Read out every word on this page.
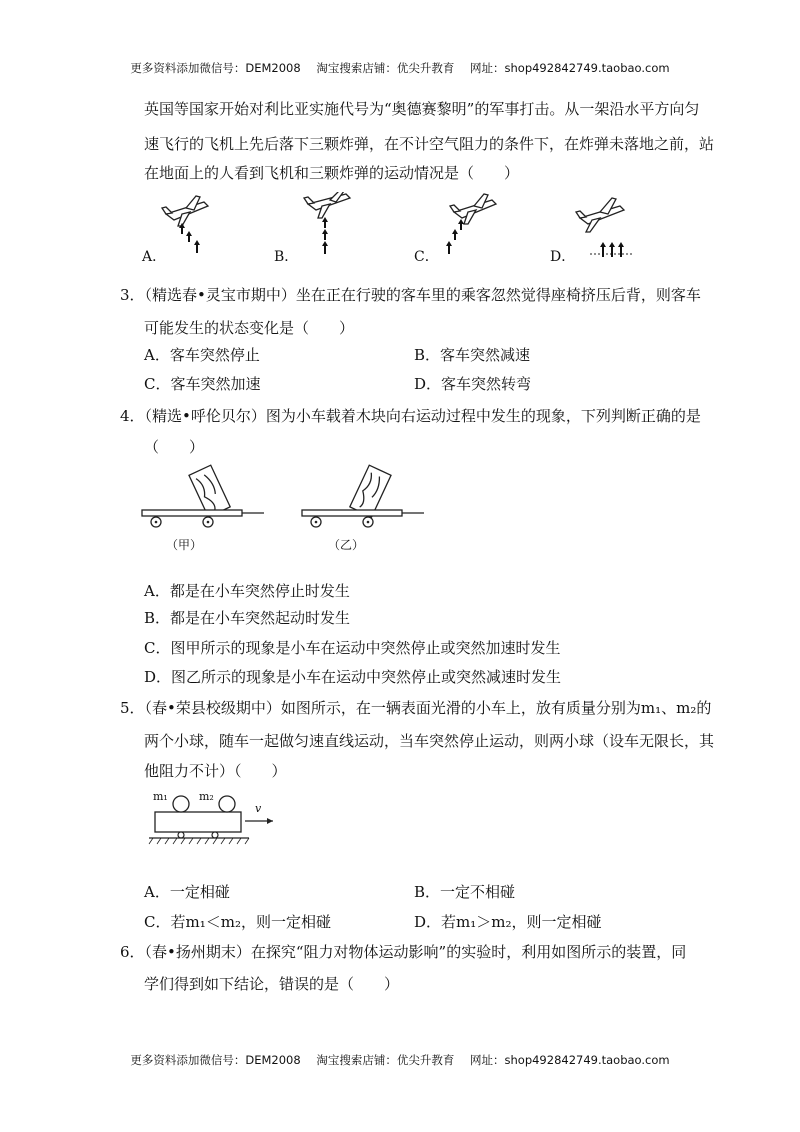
更多资料添加微信号：DEM2008 淘宝搜索店铺：优尖升教育 网址：shop492842749.taobao.com
英国等国家开始对利比亚实施代号为“奥德赛黎明”的军事打击。从一架沿水平方向匀
速飞行的飞机上先后落下三颗炸弹，在不计空气阻力的条件下，在炸弹未落地之前，站
在地面上的人看到飞机和三颗炸弹的运动情况是（　　）
A．	B．	C．	D．
3．（精选春•灵宝市期中）坐在正在行驶的客车里的乘客忽然觉得座椅挤压后背，则客车
可能发生的状态变化是（　　）
A．客车突然停止	B．客车突然减速
C．客车突然加速	D．客车突然转弯
4．（精选•呼伦贝尔）图为小车载着木块向右运动过程中发生的现象，下列判断正确的是
（　　）
（甲）	（乙）
A．都是在小车突然停止时发生
B．都是在小车突然起动时发生
C．图甲所示的现象是小车在运动中突然停止或突然加速时发生
D．图乙所示的现象是小车在运动中突然停止或突然减速时发生
5．（春•荣县校级期中）如图所示，在一辆表面光滑的小车上，放有质量分别为m₁、m₂的
两个小球，随车一起做匀速直线运动，当车突然停止运动，则两小球（设车无限长，其
他阻力不计）（　　）
m₁	m₂
v
A．一定相碰	B．一定不相碰
C．若m₁＜m₂，则一定相碰	D．若m₁＞m₂，则一定相碰
6．（春•扬州期末）在探究“阻力对物体运动影响”的实验时，利用如图所示的装置，同
学们得到如下结论，错误的是（　　）
更多资料添加微信号：DEM2008 淘宝搜索店铺：优尖升教育 网址：shop492842749.taobao.com
